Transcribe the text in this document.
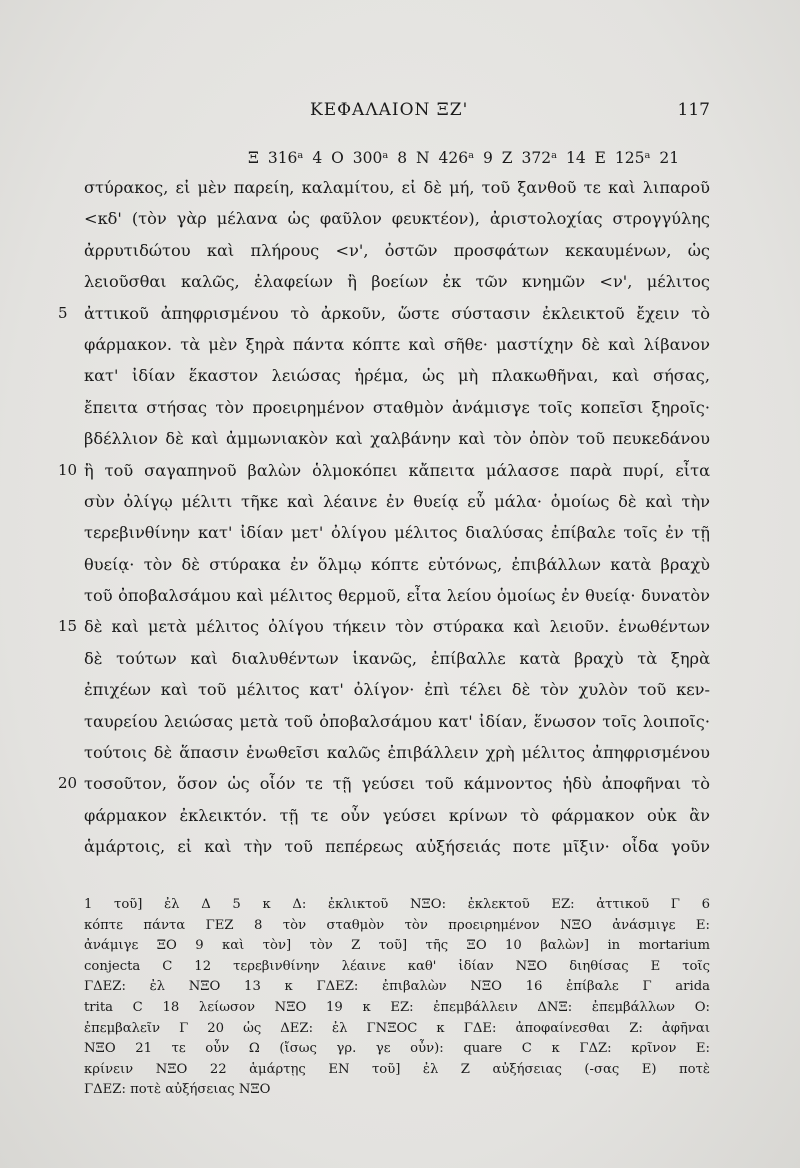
ΚΕΦΑΛΑΙΟΝ ΞΖ'	117
Ξ 316ᵃ 4 Ο 300ᵃ 8 Ν 426ᵃ 9 Ζ 372ᵃ 14 Ε 125ᵃ 21
στύρακος, εἰ μὲν παρείη, καλαμίτου, εἰ δὲ μή, τοῦ ξανθοῦ τε καὶ λιπαροῦ
<κδ' (τὸν γὰρ μέλανα ὡς φαῦλον φευκτέον), ἀριστολοχίας στρογγύλης
ἀρρυτιδώτου καὶ πλήρους <ν', ὀστῶν προσφάτων κεκαυμένων, ὡς
λειοῦσθαι καλῶς, ἐλαφείων ἢ βοείων ἐκ τῶν κνημῶν <ν', μέλιτος
5 ἀττικοῦ ἀπηφρισμένου τὸ ἀρκοῦν, ὥστε σύστασιν ἐκλεικτοῦ ἔχειν τὸ
φάρμακον. τὰ μὲν ξηρὰ πάντα κόπτε καὶ σῆθε· μαστίχην δὲ καὶ λίβανον
κατ' ἰδίαν ἕκαστον λειώσας ἠρέμα, ὡς μὴ πλακωθῆναι, καὶ σήσας,
ἔπειτα στήσας τὸν προειρημένον σταθμὸν ἀνάμισγε τοῖς κοπεῖσι ξηροῖς·
βδέλλιον δὲ καὶ ἀμμωνιακὸν καὶ χαλβάνην καὶ τὸν ὀπὸν τοῦ πευκεδάνου
10 ἢ τοῦ σαγαπηνοῦ βαλὼν ὁλμοκόπει κἄπειτα μάλασσε παρὰ πυρί, εἶτα
σὺν ὀλίγῳ μέλιτι τῆκε καὶ λέαινε ἐν θυείᾳ εὖ μάλα· ὁμοίως δὲ καὶ τὴν
τερεβινθίνην κατ' ἰδίαν μετ' ὀλίγου μέλιτος διαλύσας ἐπίβαλε τοῖς ἐν τῇ
θυείᾳ· τὸν δὲ στύρακα ἐν ὅλμῳ κόπτε εὐτόνως, ἐπιβάλλων κατὰ βραχὺ
τοῦ ὀποβαλσάμου καὶ μέλιτος θερμοῦ, εἶτα λείου ὁμοίως ἐν θυείᾳ· δυνατὸν
15 δὲ καὶ μετὰ μέλιτος ὀλίγου τήκειν τὸν στύρακα καὶ λειοῦν. ἑνωθέντων
δὲ τούτων καὶ διαλυθέντων ἱκανῶς, ἐπίβαλλε κατὰ βραχὺ τὰ ξηρὰ
ἐπιχέων καὶ τοῦ μέλιτος κατ' ὀλίγον· ἐπὶ τέλει δὲ τὸν χυλὸν τοῦ κεν-
ταυρείου λειώσας μετὰ τοῦ ὀποβαλσάμου κατ' ἰδίαν, ἕνωσον τοῖς λοιποῖς·
τούτοις δὲ ἅπασιν ἑνωθεῖσι καλῶς ἐπιβάλλειν χρὴ μέλιτος ἀπηφρισμένου
20 τοσοῦτον, ὅσον ὡς οἷόν τε τῇ γεύσει τοῦ κάμνοντος ἡδὺ ἀποφῆναι τὸ
φάρμακον ἐκλεικτόν. τῇ τε οὖν γεύσει κρίνων τὸ φάρμακον οὐκ ἂν
ἁμάρτοις, εἰ καὶ τὴν τοῦ πεπέρεως αὐξήσειάς ποτε μῖξιν· οἶδα γοῦν
1 τοῦ] ἐλ Δ 5 κ Δ: ἐκλικτοῦ ΝΞΟ: ἐκλεκτοῦ ΕΖ: ἀττικοῦ Γ 6
κόπτε πάντα ΓΕΖ 8 τὸν σταθμὸν τὸν προειρημένον ΝΞΟ ἀνάσμιγε Ε:
ἀνάμιγε ΞΟ 9 καὶ τὸν] τὸν Ζ τοῦ] τῆς ΞΟ 10 βαλὼν] in mortarium
conjecta C 12 τερεβινθίνην λέαινε καθ' ἰδίαν ΝΞΟ διηθίσας Ε τοῖς
ΓΔΕΖ: ἐλ ΝΞΟ 13 κ ΓΔΕΖ: ἐπιβαλὼν ΝΞΟ 16 ἐπίβαλε Γ arida
trita C 18 λείωσον ΝΞΟ 19 κ ΕΖ: ἐπεμβάλλειν ΔΝΞ: ἐπεμβάλλων Ο:
ἐπεμβαλεῖν Γ 20 ὡς ΔΕΖ: ἐλ ΓΝΞΟC κ ΓΔΕ: ἀποφαίνεσθαι Ζ: ἀφῆναι
ΝΞΟ 21 τε οὖν Ω (ἴσως γρ. γε οὖν): quare C κ ΓΔΖ: κρῖνον Ε:
κρίνειν ΝΞΟ 22 ἁμάρτῃς ΕΝ τοῦ] ἐλ Ζ αὐξήσειας (-σας Ε) ποτὲ
ΓΔΕΖ: ποτὲ αὐξήσειας ΝΞΟ
